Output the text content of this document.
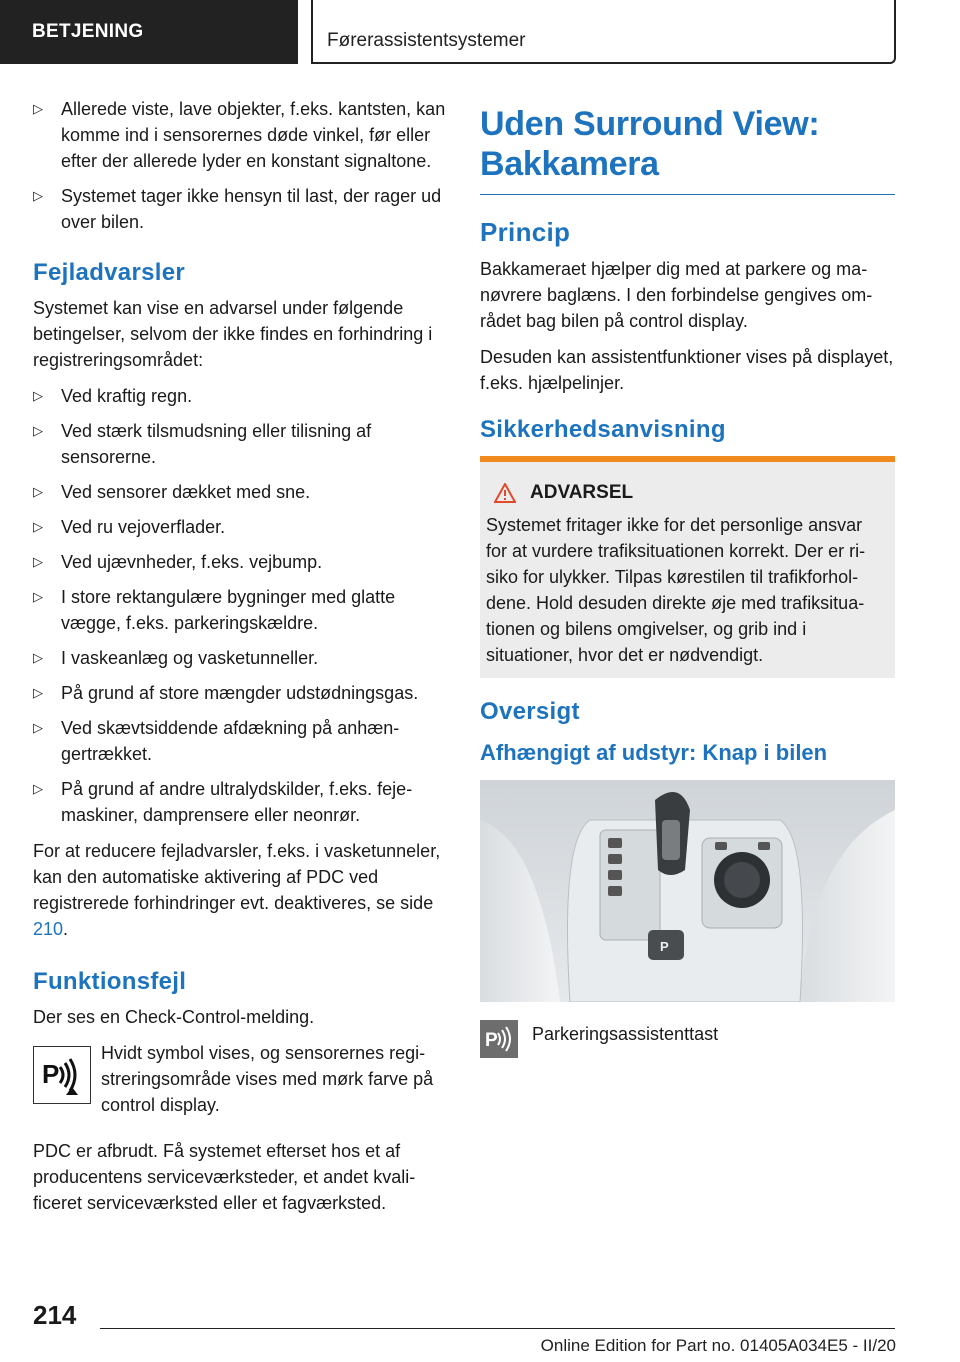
BETJENING	Førerassistentsystemer
▷ Allerede viste, lave objekter, f.eks. kantsten, kan komme ind i sensorernes døde vinkel, før eller efter der allerede lyder en konstant signaltone.
▷ Systemet tager ikke hensyn til last, der rager ud over bilen.
Fejladvarsler

Systemet kan vise en advarsel under følgende betingelser, selvom der ikke findes en forhindring i registreringsområdet:

▷ Ved kraftig regn.
▷ Ved stærk tilsmudsning eller tilisning af sensorerne.
▷ Ved sensorer dækket med sne.
▷ Ved ru vejoverflader.
▷ Ved ujævnheder, f.eks. vejbump.
▷ I store rektangulære bygninger med glatte vægge, f.eks. parkeringskældre.
▷ I vaskeanlæg og vasketunneller.
▷ På grund af store mængder udstødningsgas.
▷ Ved skævtsiddende afdækning på anhængertrækket.
▷ På grund af andre ultralydskilder, f.eks. fejemaskiner, damprensere eller neonrør.

For at reducere fejladvarsler, f.eks. i vasketunneler, kan den automatiske aktivering af PDC ved registrerede forhindringer evt. deaktiveres, se side 210.

Funktionsfejl

Der ses en Check-Control-melding.

P

Hvidt symbol vises, og sensorernes registreringsområde vises med mørk farve på control display.

PDC er afbrudt. Få systemet efterset hos et af producentens serviceværksteder, et andet kvalificeret serviceværksted eller et fagværksted.

Uden Surround View: Bakkamera
Princip

Bakkameraet hjælper dig med at parkere og manøvrere baglæns. I den forbindelse gengives området bag bilen på control display.

Desuden kan assistentfunktioner vises på displayet, f.eks. hjælpelinjer.

Sikkerhedsanvisning
ADVARSEL

Systemet fritager ikke for det personlige ansvar for at vurdere trafiksituationen korrekt. Der er risiko for ulykker. Tilpas kørestilen til trafikforholdene. Hold desuden direkte øje med trafiksituationen og bilens omgivelser, og grib ind i situationer, hvor det er nødvendigt.

Oversigt
Afhængigt af udstyr: Knap i bilen
P
P Parkeringsassistenttast
214
Online Edition for Part no. 01405A034E5 - II/20
